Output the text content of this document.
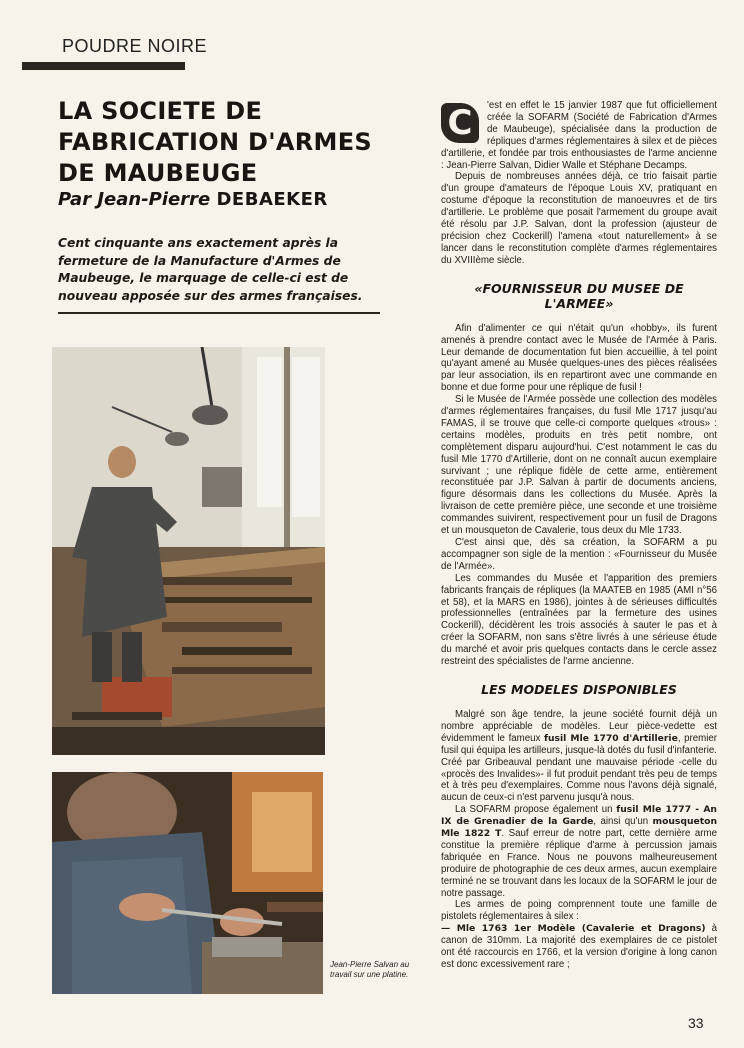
POUDRE NOIRE
LA SOCIETE DE
FABRICATION D'ARMES
DE MAUBEUGE
Par Jean-Pierre DEBAEKER
Cent cinquante ans exactement après la fermeture de la Manufacture d'Armes de Maubeuge, le marquage de celle-ci est de nouveau apposée sur des armes françaises.
Jean-Pierre Salvan au travail sur une platine.

C	'est en effet le 15 janvier 1987 que fut officiellement créée la SOFARM (Société de Fabrication d'Armes de Maubeuge), spécialisée dans la production de répliques d'armes réglementaires à silex et de pièces d'artillerie, et fondée par trois enthousiastes de l'arme ancienne : Jean-Pierre Salvan, Didier Walle et Stéphane Decamps.

Depuis de nombreuses années déjà, ce trio faisait partie d'un groupe d'amateurs de l'époque Louis XV, pratiquant en costume d'époque la reconstitution de manoeuvres et de tirs d'artillerie. Le problème que posait l'armement du groupe avait été résolu par J.P. Salvan, dont la profession (ajusteur de précision chez Cockerill) l'amena «tout naturellement» à se lancer dans le reconstitution complète d'armes réglementaires du XVIIIème siècle.

«FOURNISSEUR DU MUSEE DE L'ARMEE»

Afin d'alimenter ce qui n'était qu'un «hobby», ils furent amenés à prendre contact avec le Musée de l'Armée à Paris. Leur demande de documentation fut bien accueillie, à tel point qu'ayant amené au Musée quelques-unes des pièces réalisées par leur association, ils en repartiront avec une commande en bonne et due forme pour une réplique de fusil !

Si le Musée de l'Armée possède une collection des modèles d'armes réglementaires françaises, du fusil Mle 1717 jusqu'au FAMAS, il se trouve que celle-ci comporte quelques «trous» : certains modèles, produits en très petit nombre, ont complètement disparu aujourd'hui. C'est notamment le cas du fusil Mle 1770 d'Artillerie, dont on ne connaît aucun exemplaire survivant ; une réplique fidèle de cette arme, entièrement reconstituée par J.P. Salvan à partir de documents anciens, figure désormais dans les collections du Musée. Après la livraison de cette première pièce, une seconde et une troisième commandes suivirent, respectivement pour un fusil de Dragons et un mousqueton de Cavalerie, tous deux du Mle 1733.

C'est ainsi que, dès sa création, la SOFARM a pu accompagner son sigle de la mention : «Fournisseur du Musée de l'Armée».

Les commandes du Musée et l'apparition des premiers fabricants français de répliques (la MAATEB en 1985 (AMI n°56 et 58), et la MARS en 1986), jointes à de sérieuses difficultés professionnelles (entraînées par la fermeture des usines Cockerill), décidèrent les trois associés à sauter le pas et à créer la SOFARM, non sans s'être livrés à une sérieuse étude du marché et avoir pris quelques contacts dans le cercle assez restreint des spécialistes de l'arme ancienne.

LES MODELES DISPONIBLES

Malgré son âge tendre, la jeune société fournit déjà un nombre appréciable de modèles. Leur pièce-vedette est évidemment le fameux fusil Mle 1770 d'Artillerie, premier fusil qui équipa les artilleurs, jusque-là dotés du fusil d'infanterie. Créé par Gribeauval pendant une mauvaise période -celle du «procès des Invalides»- il fut produit pendant très peu de temps et à très peu d'exemplaires. Comme nous l'avons déjà signalé, aucun de ceux-ci n'est parvenu jusqu'à nous.

La SOFARM propose également un fusil Mle 1777 - An IX de Grenadier de la Garde, ainsi qu'un mousqueton Mle 1822 T. Sauf erreur de notre part, cette dernière arme constitue la première réplique d'arme à percussion jamais fabriquée en France. Nous ne pouvons malheureusement produire de photographie de ces deux armes, aucun exemplaire terminé ne se trouvant dans les locaux de la SOFARM le jour de notre passage.

Les armes de poing comprennent toute une famille de pistolets réglementaires à silex :

— Mle 1763 1er Modèle (Cavalerie et Dragons) à canon de 310mm. La majorité des exemplaires de ce pistolet ont été raccourcis en 1766, et la version d'origine à long canon est donc excessivement rare ;

33
